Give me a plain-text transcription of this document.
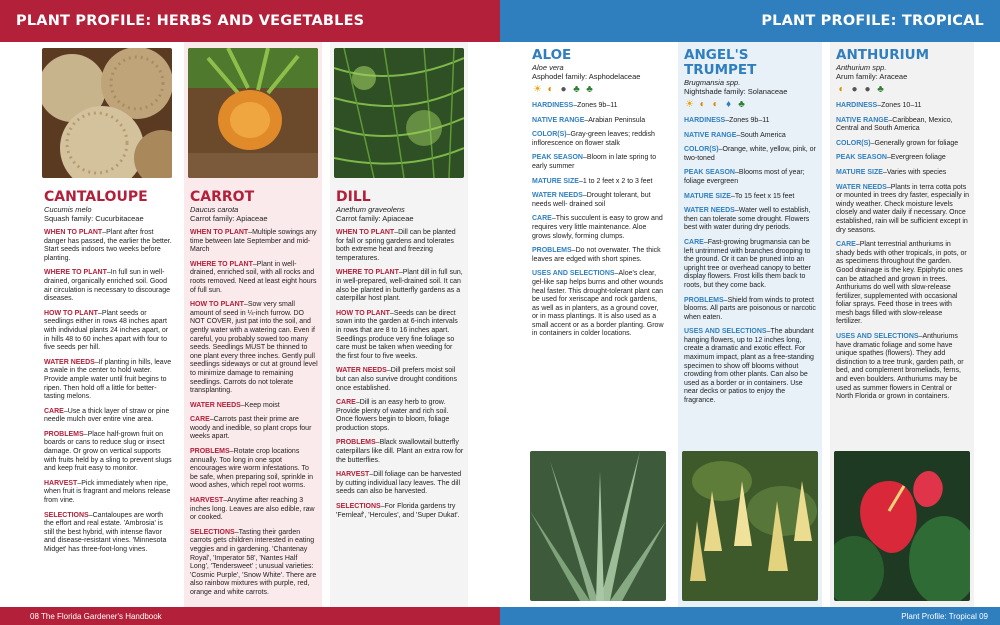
PLANT PROFILE: HERBS AND VEGETABLES
CANTALOUPE
Cucumis melo
Squash family: Cucurbitaceae

WHEN TO PLANT–Plant after frost danger has passed, the earlier the better. Start seeds indoors two weeks before planting.

WHERE TO PLANT–In full sun in well-drained, organically enriched soil. Good air circulation is necessary to discourage diseases.

HOW TO PLANT–Plant seeds or seedlings either in rows 48 inches apart with individual plants 24 inches apart, or in hills 48 to 60 inches apart with four to five seeds per hill.

WATER NEEDS–If planting in hills, leave a swale in the center to hold water. Provide ample water until fruit begins to ripen. Then hold off a little for better-tasting melons.

CARE–Use a thick layer of straw or pine needle mulch over entire vine area.

PROBLEMS–Place half-grown fruit on boards or cans to reduce slug or insect damage. Or grow on vertical supports with fruits held by a sling to prevent slugs and keep fruit easy to monitor.

HARVEST–Pick immediately when ripe, when fruit is fragrant and melons release from vine.

SELECTIONS–Cantaloupes are worth the effort and real estate. 'Ambrosia' is still the best hybrid, with intense flavor and disease-resistant vines. 'Minnesota Midget' has three-foot-long vines.

CARROT
Daucus carota
Carrot family: Apiaceae

WHEN TO PLANT–Multiple sowings any time between late September and mid-March

WHERE TO PLANT–Plant in well-drained, enriched soil, with all rocks and roots removed. Need at least eight hours of full sun.

HOW TO PLANT–Sow very small amount of seed in ¼-inch furrow. DO NOT COVER, just pat into the soil, and gently water with a watering can. Even if careful, you probably sowed too many seeds. Seedlings MUST be thinned to one plant every three inches. Gently pull seedlings sideways or cut at ground level to minimize damage to remaining seedlings. Carrots do not tolerate transplanting.

WATER NEEDS–Keep moist

CARE–Carrots past their prime are woody and inedible, so plant crops four weeks apart.

PROBLEMS–Rotate crop locations annually. Too long in one spot encourages wire worm infestations. To be safe, when preparing soil, sprinkle in wood ashes, which repel root worms.

HARVEST–Anytime after reaching 3 inches long. Leaves are also edible, raw or cooked.

SELECTIONS–Tasting their garden carrots gets children interested in eating veggies and in gardening. 'Chantenay Royal', 'Imperator 58', 'Nantes Half Long', 'Tendersweet' ; unusual varieties: 'Cosmic Purple', 'Snow White'. There are also rainbow mixtures with purple, red, orange and white carrots.

DILL
Anethum graveolens
Carrot family: Apiaceae

WHEN TO PLANT–Dill can be planted for fall or spring gardens and tolerates both extreme heat and freezing temperatures.

WHERE TO PLANT–Plant dill in full sun, in well-prepared, well-drained soil. It can also be planted in butterfly gardens as a caterpillar host plant.

HOW TO PLANT–Seeds can be direct sown into the garden at 6-inch intervals in rows that are 8 to 16 inches apart. Seedlings produce very fine foliage so care must be taken when weeding for the first four to five weeks.

WATER NEEDS–Dill prefers moist soil but can also survive drought conditions once established.

CARE–Dill is an easy herb to grow. Provide plenty of water and rich soil. Once flowers begin to bloom, foliage production stops.

PROBLEMS–Black swallowtail butterfly caterpillars like dill. Plant an extra row for the butterflies.

HARVEST–Dill foliage can be harvested by cutting individual lacy leaves. The dill seeds can also be harvested.

SELECTIONS–For Florida gardens try 'Fernleaf', 'Hercules', and 'Super Dukat'.

08 The Florida Gardener's Handbook
PLANT PROFILE: TROPICAL
ALOE
Aloe vera
Asphodel family: Asphodelaceae
☀ ◐ ● ♣ ♣

HARDINESS–Zones 9b–11

NATIVE RANGE–Arabian Peninsula

COLOR(S)–Gray-green leaves; reddish inflorescence on flower stalk

PEAK SEASON–Bloom in late spring to early summer

MATURE SIZE–1 to 2 feet x 2 to 3 feet

WATER NEEDS–Drought tolerant, but needs well- drained soil

CARE–This succulent is easy to grow and requires very little maintenance. Aloe grows slowly, forming clumps.

PROBLEMS–Do not overwater. The thick leaves are edged with short spines.

USES AND SELECTIONS–Aloe's clear, gel-like sap helps burns and other wounds heal faster. This drought-tolerant plant can be used for xeriscape and rock gardens, as well as in planters, as a ground cover, or in mass plantings. It is also used as a small accent or as a border planting. Grow in containers in colder locations.

ANGEL'S TRUMPET
Brugmansia spp.
Nightshade family: Solanaceae
☀ ◐ ◐ ♦ ♣

HARDINESS–Zones 9b–11

NATIVE RANGE–South America

COLOR(S)–Orange, white, yellow, pink, or two-toned

PEAK SEASON–Blooms most of year; foliage evergreen

MATURE SIZE–To 15 feet x 15 feet

WATER NEEDS–Water well to establish, then can tolerate some drought. Flowers best with water during dry periods.

CARE–Fast-growing brugmansia can be left untrimmed with branches drooping to the ground. Or it can be pruned into an upright tree or overhead canopy to better display flowers. Frost kills them back to roots, but they come back.

PROBLEMS–Shield from winds to protect blooms. All parts are poisonous or narcotic when eaten.

USES AND SELECTIONS–The abundant hanging flowers, up to 12 inches long, create a dramatic and exotic effect. For maximum impact, plant as a free-standing specimen to show off blooms without crowding from other plants. Can also be used as a border or in containers. Use near decks or patios to enjoy the fragrance.

ANTHURIUM
Anthurium spp.
Arum family: Araceae
◐ ● ● ♣

HARDINESS–Zones 10–11

NATIVE RANGE–Caribbean, Mexico, Central and South America

COLOR(S)–Generally grown for foliage

PEAK SEASON–Evergreen foliage

MATURE SIZE–Varies with species

WATER NEEDS–Plants in terra cotta pots or mounted in trees dry faster, especially in windy weather. Check moisture levels closely and water daily if necessary. Once established, rain will be sufficient except in dry seasons.

CARE–Plant terrestrial anthuriums in shady beds with other tropicals, in pots, or as specimens throughout the garden. Good drainage is the key. Epiphytic ones can be attached and grown in trees. Anthuriums do well with slow-release fertilizer, supplemented with occasional foliar sprays. Feed those in trees with mesh bags filled with slow-release fertilizer.

USES AND SELECTIONS–Anthuriums have dramatic foliage and some have unique spathes (flowers). They add distinction to a tree trunk, garden path, or bed, and complement bromeliads, ferns, and even boulders. Anthuriums may be used as summer flowers in Central or North Florida or grown in containers.

Plant Profile: Tropical 09
